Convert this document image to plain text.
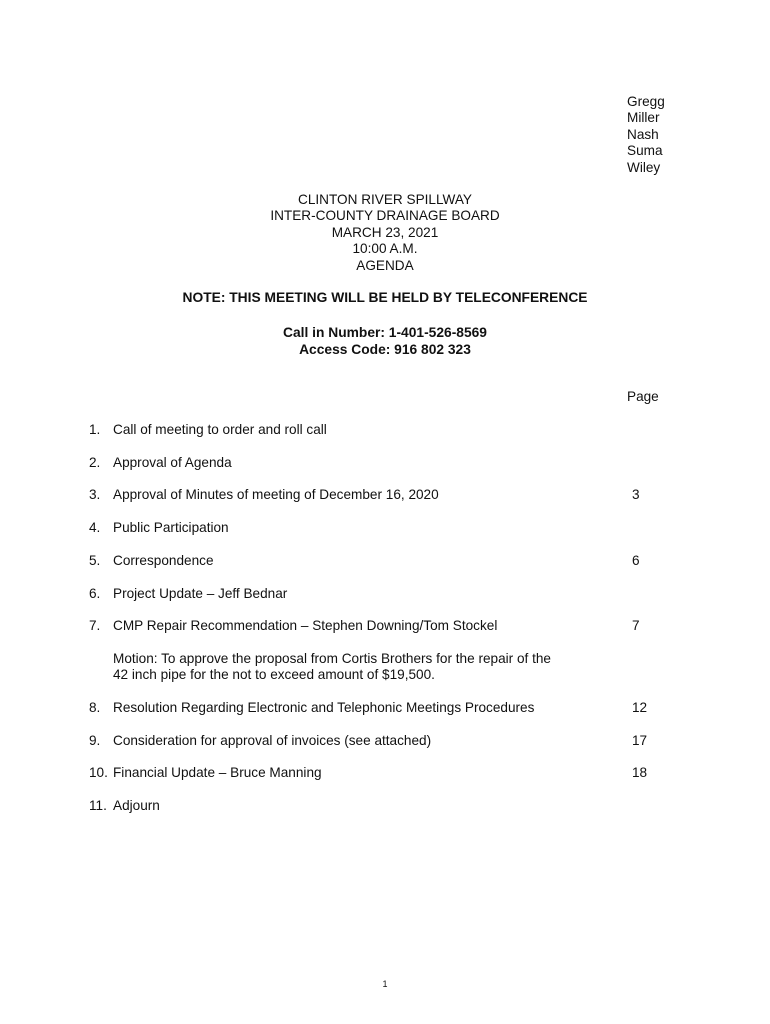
Gregg
Miller
Nash
Suma
Wiley
CLINTON RIVER SPILLWAY
INTER-COUNTY DRAINAGE BOARD
MARCH 23, 2021
10:00 A.M.
AGENDA
NOTE: THIS MEETING WILL BE HELD BY TELECONFERENCE
Call in Number: 1-401-526-8569
Access Code: 916 802 323
Page
1. Call of meeting to order and roll call
2. Approval of Agenda
3. Approval of Minutes of meeting of December 16, 2020	3
4. Public Participation
5. Correspondence	6
6. Project Update – Jeff Bednar
7. CMP Repair Recommendation – Stephen Downing/Tom Stockel	7
Motion: To approve the proposal from Cortis Brothers for the repair of the
42 inch pipe for the not to exceed amount of $19,500.
8. Resolution Regarding Electronic and Telephonic Meetings Procedures	12
9. Consideration for approval of invoices (see attached)	17
10. Financial Update – Bruce Manning	18
11. Adjourn
1
